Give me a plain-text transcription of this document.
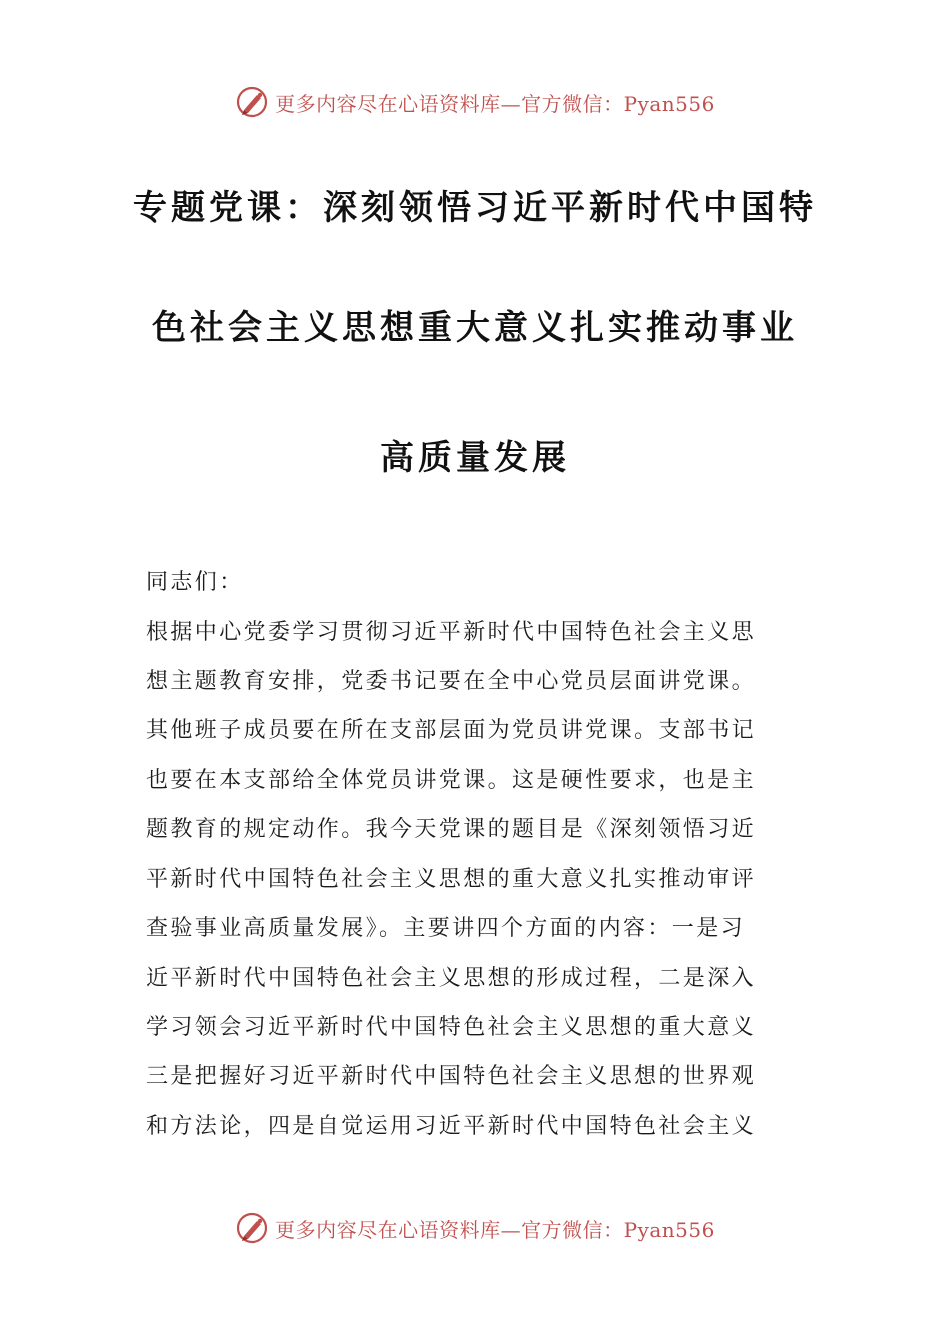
更多内容尽在心语资料库—官方微信：Pyan556
专题党课：深刻领悟习近平新时代中国特
色社会主义思想重大意义扎实推动事业
高质量发展
同志们：
根据中心党委学习贯彻习近平新时代中国特色社会主义思
想主题教育安排，党委书记要在全中心党员层面讲党课。
其他班子成员要在所在支部层面为党员讲党课。支部书记
也要在本支部给全体党员讲党课。这是硬性要求，也是主
题教育的规定动作。我今天党课的题目是《深刻领悟习近
平新时代中国特色社会主义思想的重大意义扎实推动审评
查验事业高质量发展》。主要讲四个方面的内容：一是习
近平新时代中国特色社会主义思想的形成过程，二是深入
学习领会习近平新时代中国特色社会主义思想的重大意义
三是把握好习近平新时代中国特色社会主义思想的世界观
和方法论，四是自觉运用习近平新时代中国特色社会主义
更多内容尽在心语资料库—官方微信：Pyan556
